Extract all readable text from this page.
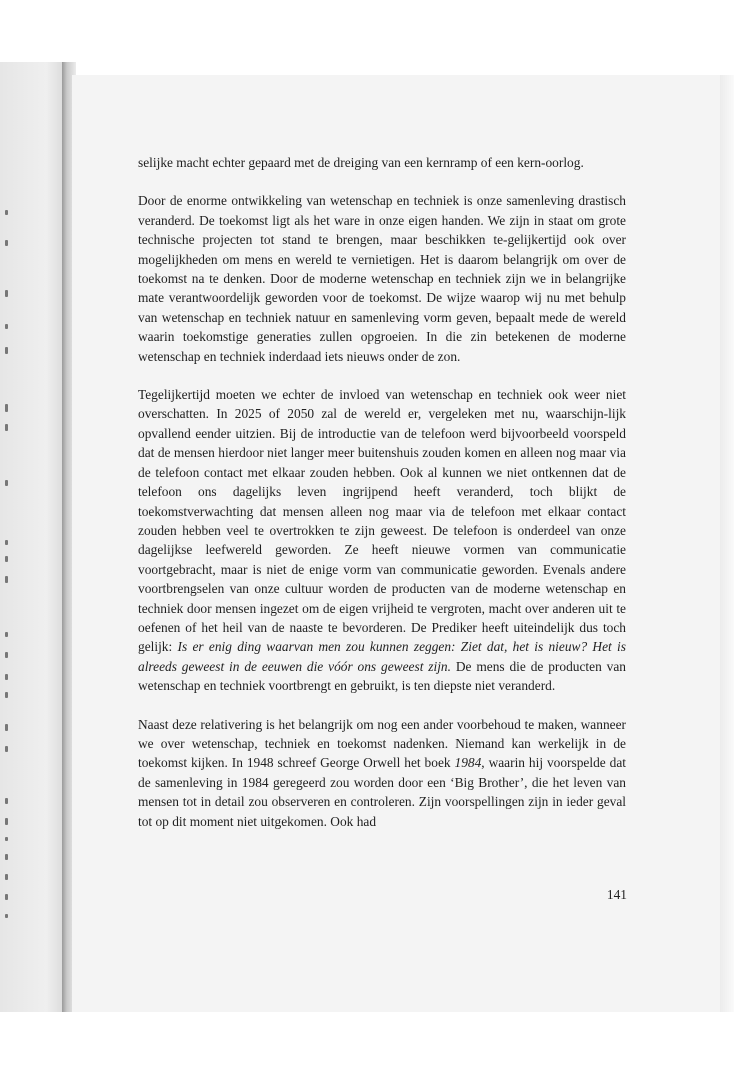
selijke macht echter gepaard met de dreiging van een kernramp of een kern-oorlog.

Door de enorme ontwikkeling van wetenschap en techniek is onze samenleving drastisch veranderd. De toekomst ligt als het ware in onze eigen handen. We zijn in staat om grote technische projecten tot stand te brengen, maar beschikken te-gelijkertijd ook over mogelijkheden om mens en wereld te vernietigen. Het is daarom belangrijk om over de toekomst na te denken. Door de moderne wetenschap en techniek zijn we in belangrijke mate verantwoordelijk geworden voor de toekomst. De wijze waarop wij nu met behulp van wetenschap en techniek natuur en samenleving vorm geven, bepaalt mede de wereld waarin toekomstige generaties zullen opgroeien. In die zin betekenen de moderne wetenschap en techniek inderdaad iets nieuws onder de zon.

Tegelijkertijd moeten we echter de invloed van wetenschap en techniek ook weer niet overschatten. In 2025 of 2050 zal de wereld er, vergeleken met nu, waarschijn-lijk opvallend eender uitzien. Bij de introductie van de telefoon werd bijvoorbeeld voorspeld dat de mensen hierdoor niet langer meer buitenshuis zouden komen en alleen nog maar via de telefoon contact met elkaar zouden hebben. Ook al kunnen we niet ontkennen dat de telefoon ons dagelijks leven ingrijpend heeft veranderd, toch blijkt de toekomstverwachting dat mensen alleen nog maar via de telefoon met elkaar contact zouden hebben veel te overtrokken te zijn geweest. De telefoon is onderdeel van onze dagelijkse leefwereld geworden. Ze heeft nieuwe vormen van communicatie voortgebracht, maar is niet de enige vorm van communicatie geworden. Evenals andere voortbrengselen van onze cultuur worden de producten van de moderne wetenschap en techniek door mensen ingezet om de eigen vrijheid te vergroten, macht over anderen uit te oefenen of het heil van de naaste te bevorderen. De Prediker heeft uiteindelijk dus toch gelijk: Is er enig ding waarvan men zou kunnen zeggen: Ziet dat, het is nieuw? Het is alreeds geweest in de eeuwen die vóór ons geweest zijn. De mens die de producten van wetenschap en techniek voortbrengt en gebruikt, is ten diepste niet veranderd.

Naast deze relativering is het belangrijk om nog een ander voorbehoud te maken, wanneer we over wetenschap, techniek en toekomst nadenken. Niemand kan werkelijk in de toekomst kijken. In 1948 schreef George Orwell het boek 1984, waarin hij voorspelde dat de samenleving in 1984 geregeerd zou worden door een ‘Big Brother’, die het leven van mensen tot in detail zou observeren en controleren. Zijn voorspellingen zijn in ieder geval tot op dit moment niet uitgekomen. Ook had

141
